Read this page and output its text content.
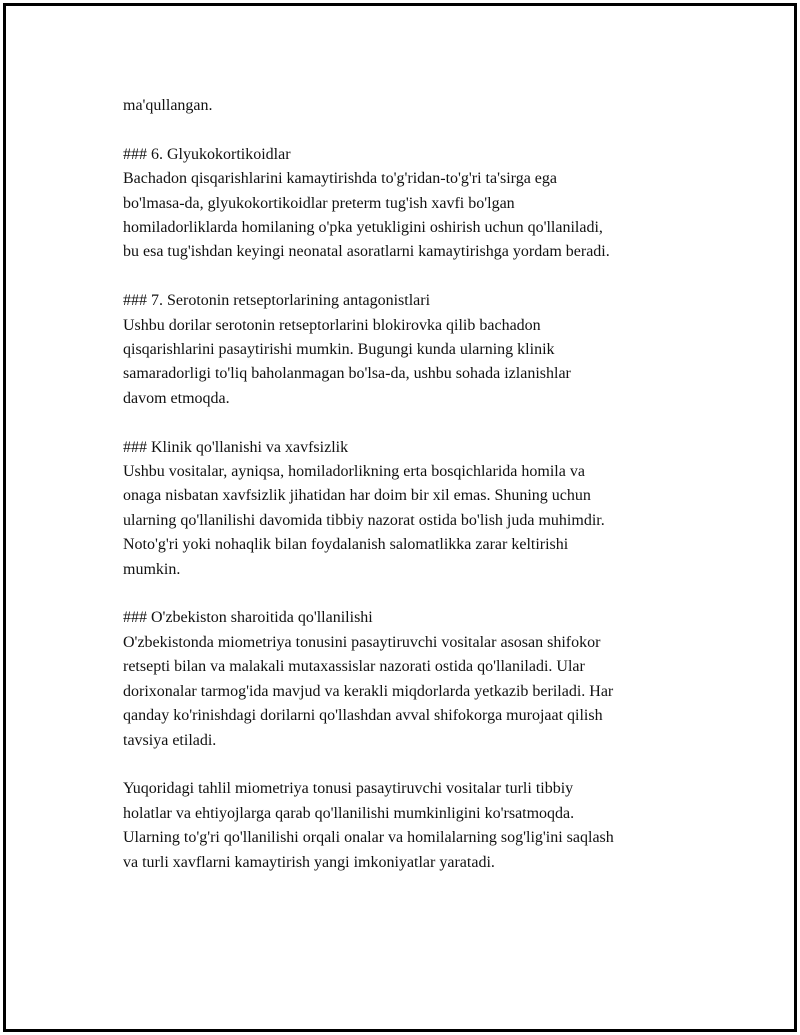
ma'qullangan.

### 6. Glyukokortikoidlar

Bachadon qisqarishlarini kamaytirishda to'g'ridan-to'g'ri ta'sirga ega
bo'lmasa-da, glyukokortikoidlar preterm tug'ish xavfi bo'lgan
homiladorliklarda homilaning o'pka yetukligini oshirish uchun qo'llaniladi,
bu esa tug'ishdan keyingi neonatal asoratlarni kamaytirishga yordam beradi.

### 7. Serotonin retseptorlarining antagonistlari

Ushbu dorilar serotonin retseptorlarini blokirovka qilib bachadon
qisqarishlarini pasaytirishi mumkin. Bugungi kunda ularning klinik
samaradorligi to'liq baholanmagan bo'lsa-da, ushbu sohada izlanishlar
davom etmoqda.

### Klinik qo'llanishi va xavfsizlik

Ushbu vositalar, ayniqsa, homiladorlikning erta bosqichlarida homila va
onaga nisbatan xavfsizlik jihatidan har doim bir xil emas. Shuning uchun
ularning qo'llanilishi davomida tibbiy nazorat ostida bo'lish juda muhimdir.
Noto'g'ri yoki nohaqlik bilan foydalanish salomatlikka zarar keltirishi
mumkin.

### O'zbekiston sharoitida qo'llanilishi

O'zbekistonda miometriya tonusini pasaytiruvchi vositalar asosan shifokor
retsepti bilan va malakali mutaxassislar nazorati ostida qo'llaniladi. Ular
dorixonalar tarmog'ida mavjud va kerakli miqdorlarda yetkazib beriladi. Har
qanday ko'rinishdagi dorilarni qo'llashdan avval shifokorga murojaat qilish
tavsiya etiladi.

Yuqoridagi tahlil miometriya tonusi pasaytiruvchi vositalar turli tibbiy
holatlar va ehtiyojlarga qarab qo'llanilishi mumkinligini ko'rsatmoqda.
Ularning to'g'ri qo'llanilishi orqali onalar va homilalarning sog'lig'ini saqlash
va turli xavflarni kamaytirish yangi imkoniyatlar yaratadi.
